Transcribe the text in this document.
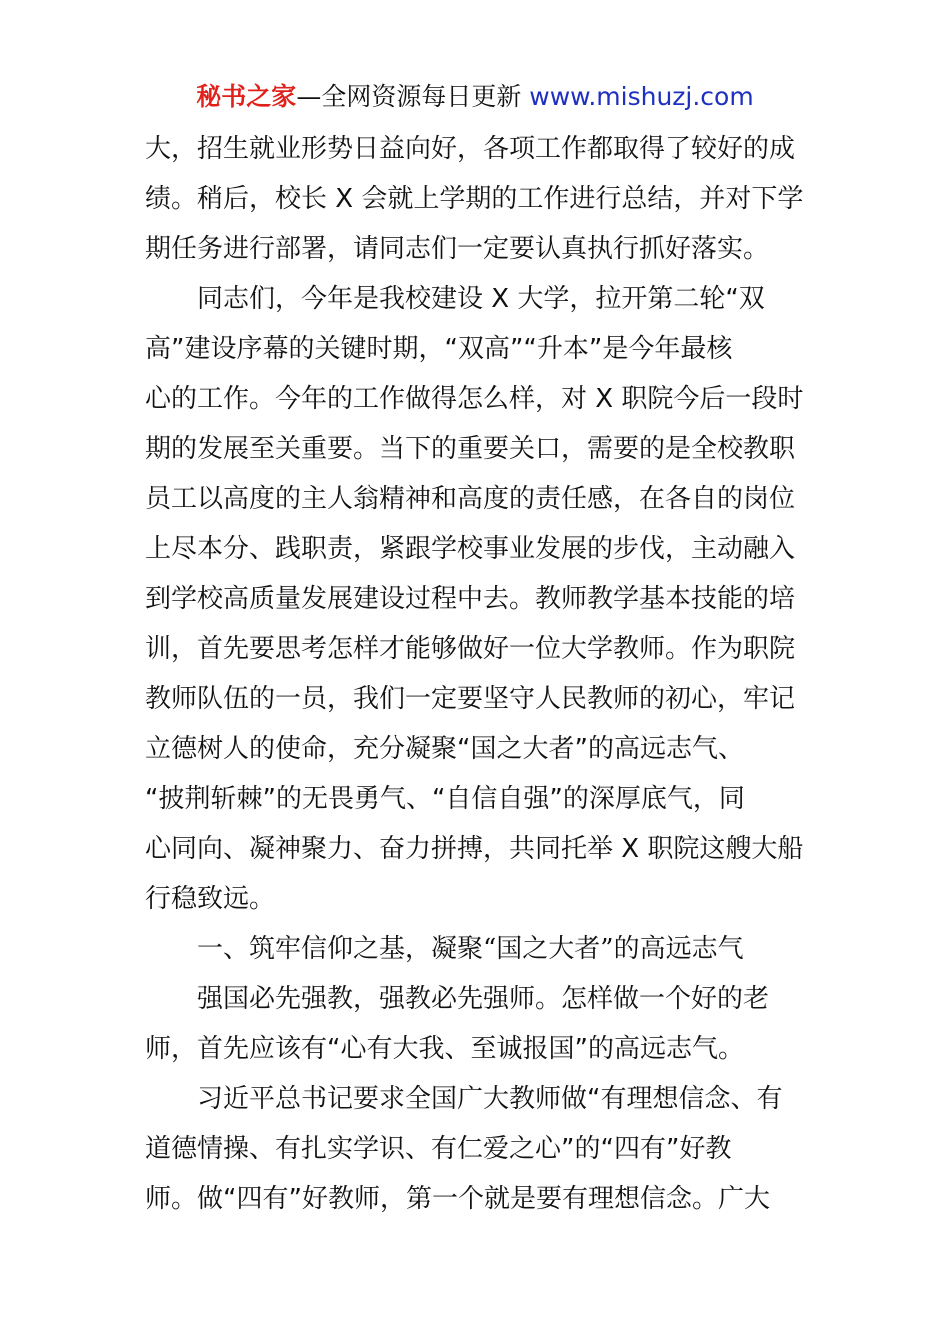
秘书之家—全网资源每日更新 www.mishuzj.com
大，招生就业形势日益向好，各项工作都取得了较好的成
绩。稍后，校长 X 会就上学期的工作进行总结，并对下学
期任务进行部署，请同志们一定要认真执行抓好落实。
同志们，今年是我校建设 X 大学，拉开第二轮“双
高”建设序幕的关键时期，“双高”“升本”是今年最核
心的工作。今年的工作做得怎么样，对 X 职院今后一段时
期的发展至关重要。当下的重要关口，需要的是全校教职
员工以高度的主人翁精神和高度的责任感，在各自的岗位
上尽本分、践职责，紧跟学校事业发展的步伐，主动融入
到学校高质量发展建设过程中去。教师教学基本技能的培
训，首先要思考怎样才能够做好一位大学教师。作为职院
教师队伍的一员，我们一定要坚守人民教师的初心，牢记
立德树人的使命，充分凝聚“国之大者”的高远志气、
“披荆斩棘”的无畏勇气、“自信自强”的深厚底气，同
心同向、凝神聚力、奋力拼搏，共同托举 X 职院这艘大船
行稳致远。
一、筑牢信仰之基，凝聚“国之大者”的高远志气
强国必先强教，强教必先强师。怎样做一个好的老
师，首先应该有“心有大我、至诚报国”的高远志气。
习近平总书记要求全国广大教师做“有理想信念、有
道德情操、有扎实学识、有仁爱之心”的“四有”好教
师。做“四有”好教师，第一个就是要有理想信念。广大
